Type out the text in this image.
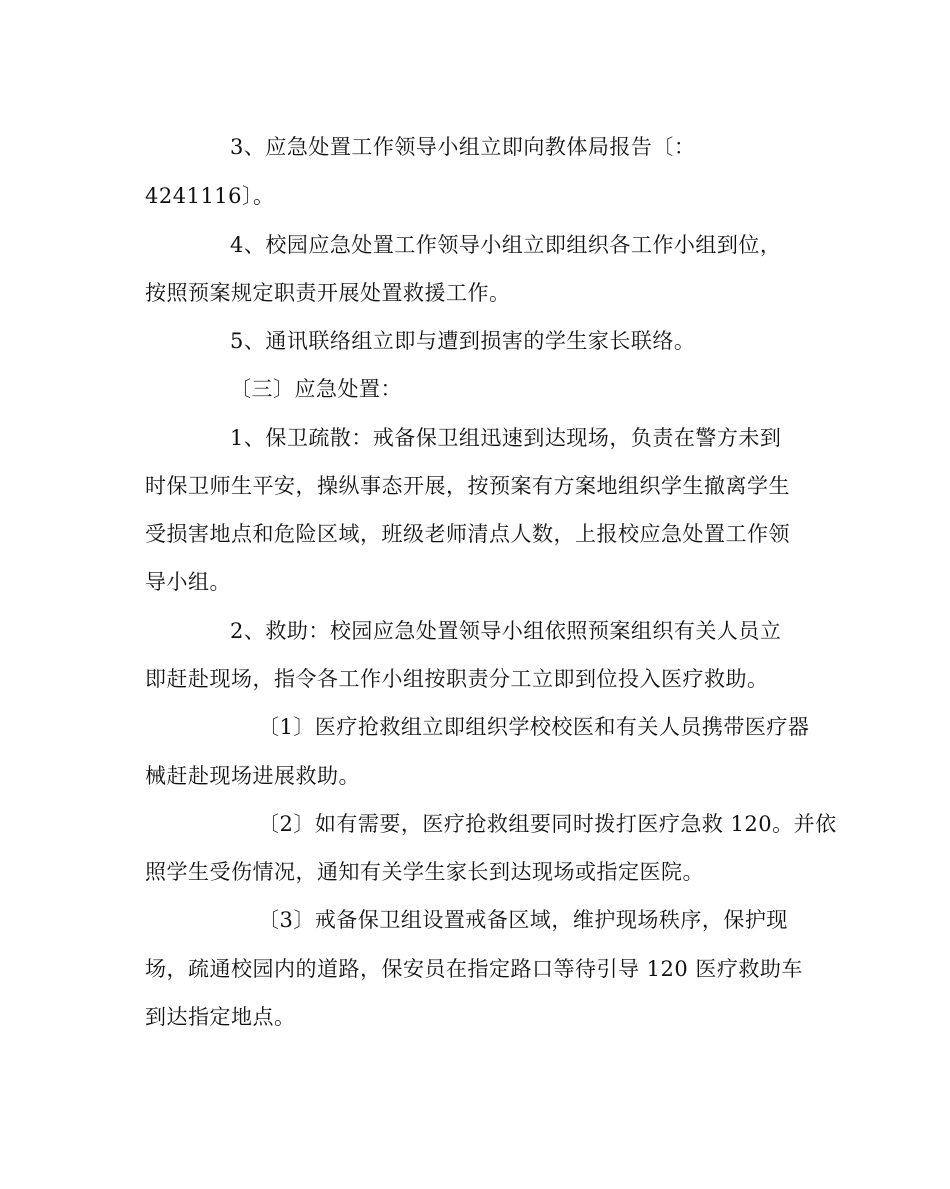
3、应急处置工作领导小组立即向教体局报告〔：
4241116〕。
4、校园应急处置工作领导小组立即组织各工作小组到位，
按照预案规定职责开展处置救援工作。
5、通讯联络组立即与遭到损害的学生家长联络。
〔三〕应急处置：
1、保卫疏散：戒备保卫组迅速到达现场，负责在警方未到
时保卫师生平安，操纵事态开展，按预案有方案地组织学生撤离学生
受损害地点和危险区域，班级老师清点人数，上报校应急处置工作领
导小组。
2、救助：校园应急处置领导小组依照预案组织有关人员立
即赶赴现场，指令各工作小组按职责分工立即到位投入医疗救助。
〔1〕医疗抢救组立即组织学校校医和有关人员携带医疗器
械赶赴现场进展救助。
〔2〕如有需要，医疗抢救组要同时拨打医疗急救 120。并依
照学生受伤情况，通知有关学生家长到达现场或指定医院。
〔3〕戒备保卫组设置戒备区域，维护现场秩序，保护现
场，疏通校园内的道路，保安员在指定路口等待引导 120 医疗救助车
到达指定地点。
